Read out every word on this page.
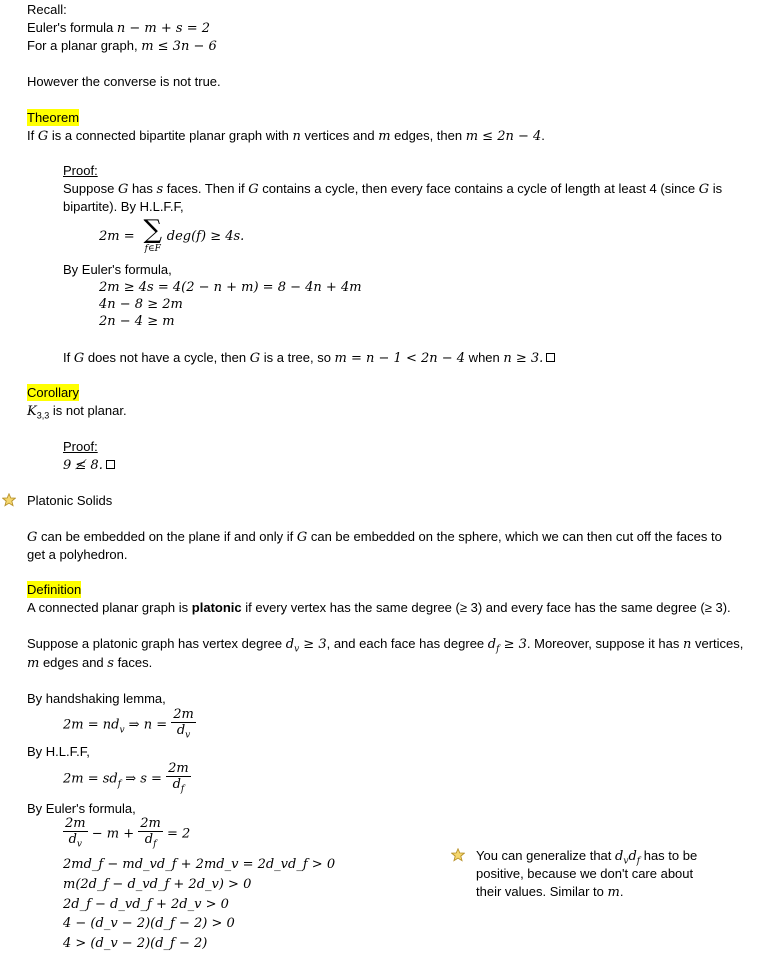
Recall:
Euler's formula n − m + s = 2
For a planar graph, m ≤ 3n − 6
However the converse is not true.
Theorem
If G is a connected bipartite planar graph with n vertices and m edges, then m ≤ 2n − 4.
Proof:
Suppose G has s faces. Then if G contains a cycle, then every face contains a cycle of length at least 4 (since G is
bipartite). By H.L.F.F,
2m = ∑
f∈F
deg(f) ≥ 4s.
By Euler's formula,
2m ≥ 4s = 4(2 − n + m) = 8 − 4n + 4m
4n − 8 ≥ 2m
2n − 4 ≥ m
If G does not have a cycle, then G is a tree, so m = n − 1 < 2n − 4 when n ≥ 3.
Corollary
$K_{3,3}$ is not planar.
Proof:
9 ≰ 8.
Platonic Solids
G can be embedded on the plane if and only if G can be embedded on the sphere, which we can then cut off the faces to
get a polyhedron.
Definition
A connected planar graph is platonic if every vertex has the same degree (≥ 3) and every face has the same degree (≥ 3).
Suppose a platonic graph has vertex degree $d_v \ge 3$, and each face has degree $d_f \ge 3$. Moreover, suppose it has n vertices,
m edges and s faces.
By handshaking lemma,
$2m = nd_v$ ⇒ $n = \frac{2m}{d_v}$
By H.L.F.F,
$2m = sd_f$ ⇒ $s = \frac{2m}{d_f}$
By Euler's formula,
$\frac{2m}{d_v} - m + \frac{2m}{d_f} = 2$
2md_f − md_vd_f + 2md_v = 2d_vd_f > 0
m(2d_f − d_vd_f + 2d_v) > 0
2d_f − d_vd_f + 2d_v > 0
4 − (d_v − 2)(d_f − 2) > 0
4 > (d_v − 2)(d_f − 2)
You can generalize that $d_vd_f$ has to be
positive, because we don't care about
their values. Similar to m.
